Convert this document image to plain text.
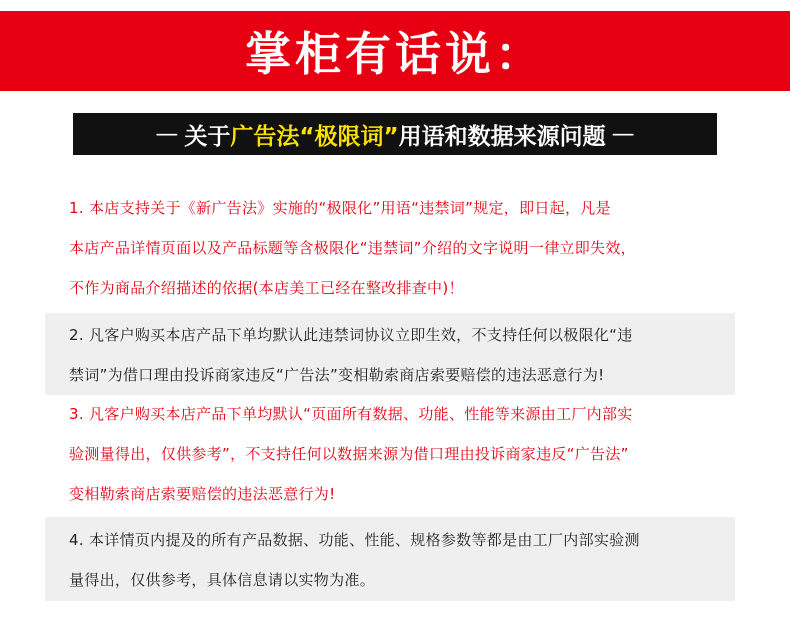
掌柜有话说：
— 关于 广告法“极限词” 用语和数据来源问题 —
1. 本店支持关于《新广告法》实施的“极限化”用语“违禁词”规定，即日起，凡是
本店产品详情页面以及产品标题等含极限化“违禁词”介绍的文字说明一律立即失效，
不作为商品介绍描述的依据(本店美工已经在整改排查中)！
2. 凡客户购买本店产品下单均默认此违禁词协议立即生效，不支持任何以极限化“违
禁词”为借口理由投诉商家违反“广告法”变相勒索商店索要赔偿的违法恶意行为!
3. 凡客户购买本店产品下单均默认“页面所有数据、功能、性能等来源由工厂内部实
验测量得出，仅供参考”，不支持任何以数据来源为借口理由投诉商家违反“广告法”
变相勒索商店索要赔偿的违法恶意行为!
4. 本详情页内提及的所有产品数据、功能、性能、规格参数等都是由工厂内部实验测
量得出，仅供参考，具体信息请以实物为准。
